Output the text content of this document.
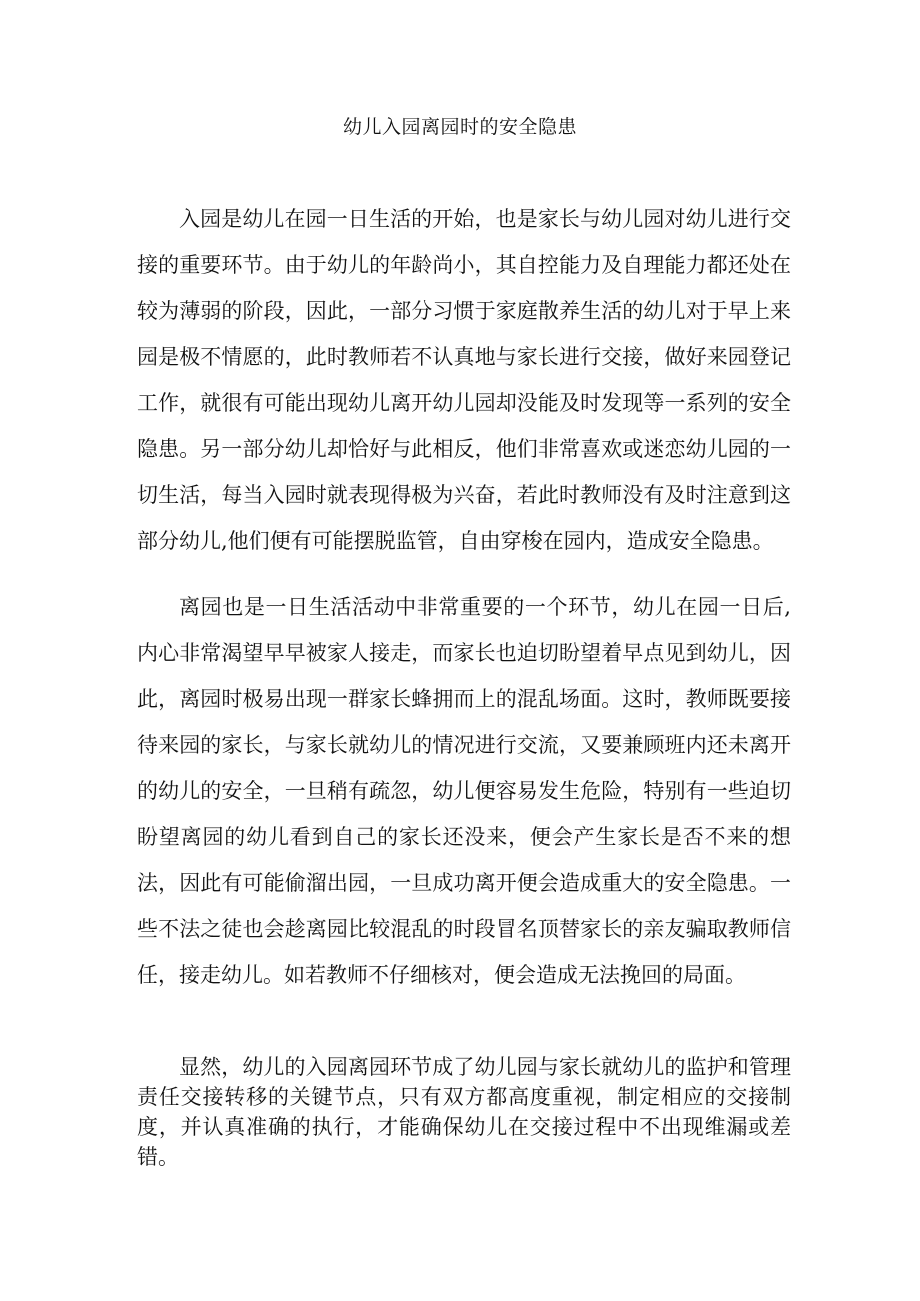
幼儿入园离园时的安全隐患

入园是幼儿在园一日生活的开始，也是家长与幼儿园对幼儿进行交接的重要环节。由于幼儿的年龄尚小，其自控能力及自理能力都还处在较为薄弱的阶段，因此，一部分习惯于家庭散养生活的幼儿对于早上来园是极不情愿的，此时教师若不认真地与家长进行交接，做好来园登记工作，就很有可能出现幼儿离开幼儿园却没能及时发现等一系列的安全隐患。另一部分幼儿却恰好与此相反，他们非常喜欢或迷恋幼儿园的一切生活，每当入园时就表现得极为兴奋，若此时教师没有及时注意到这部分幼儿,他们便有可能摆脱监管，自由穿梭在园内，造成安全隐患。

离园也是一日生活活动中非常重要的一个环节，幼儿在园一日后,内心非常渴望早早被家人接走，而家长也迫切盼望着早点见到幼儿，因此，离园时极易出现一群家长蜂拥而上的混乱场面。这时，教师既要接待来园的家长，与家长就幼儿的情况进行交流，又要兼顾班内还未离开的幼儿的安全，一旦稍有疏忽，幼儿便容易发生危险，特别有一些迫切盼望离园的幼儿看到自己的家长还没来，便会产生家长是否不来的想法，因此有可能偷溜出园，一旦成功离开便会造成重大的安全隐患。一些不法之徒也会趁离园比较混乱的时段冒名顶替家长的亲友骗取教师信任，接走幼儿。如若教师不仔细核对，便会造成无法挽回的局面。

显然，幼儿的入园离园环节成了幼儿园与家长就幼儿的监护和管理责任交接转移的关键节点，只有双方都高度重视，制定相应的交接制度，并认真准确的执行，才能确保幼儿在交接过程中不出现维漏或差错。
